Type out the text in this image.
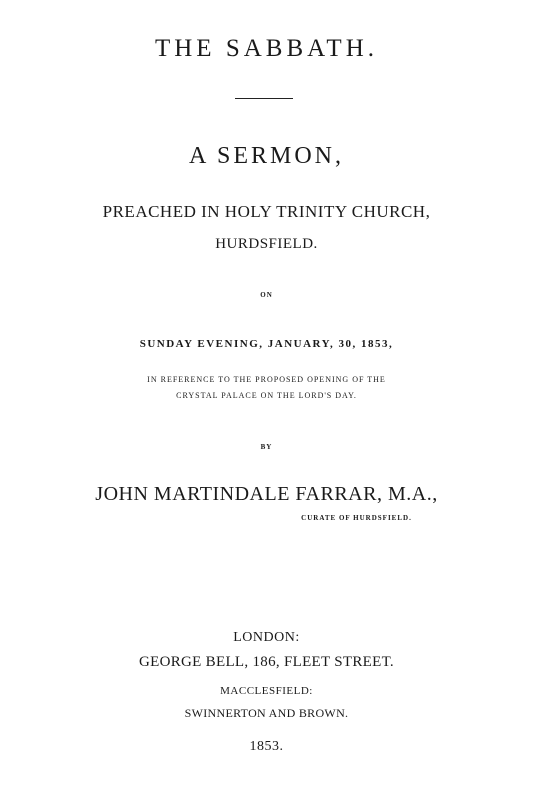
THE SABBATH.
A SERMON,
PREACHED IN HOLY TRINITY CHURCH,
HURDSFIELD.
ON
SUNDAY EVENING, JANUARY, 30, 1853,
IN REFERENCE TO THE PROPOSED OPENING OF THE
CRYSTAL PALACE ON THE LORD'S DAY.
BY
JOHN MARTINDALE FARRAR, M.A.,
CURATE OF HURDSFIELD.
LONDON:
GEORGE BELL, 186, FLEET STREET.
MACCLESFIELD:
SWINNERTON AND BROWN.
1853.
